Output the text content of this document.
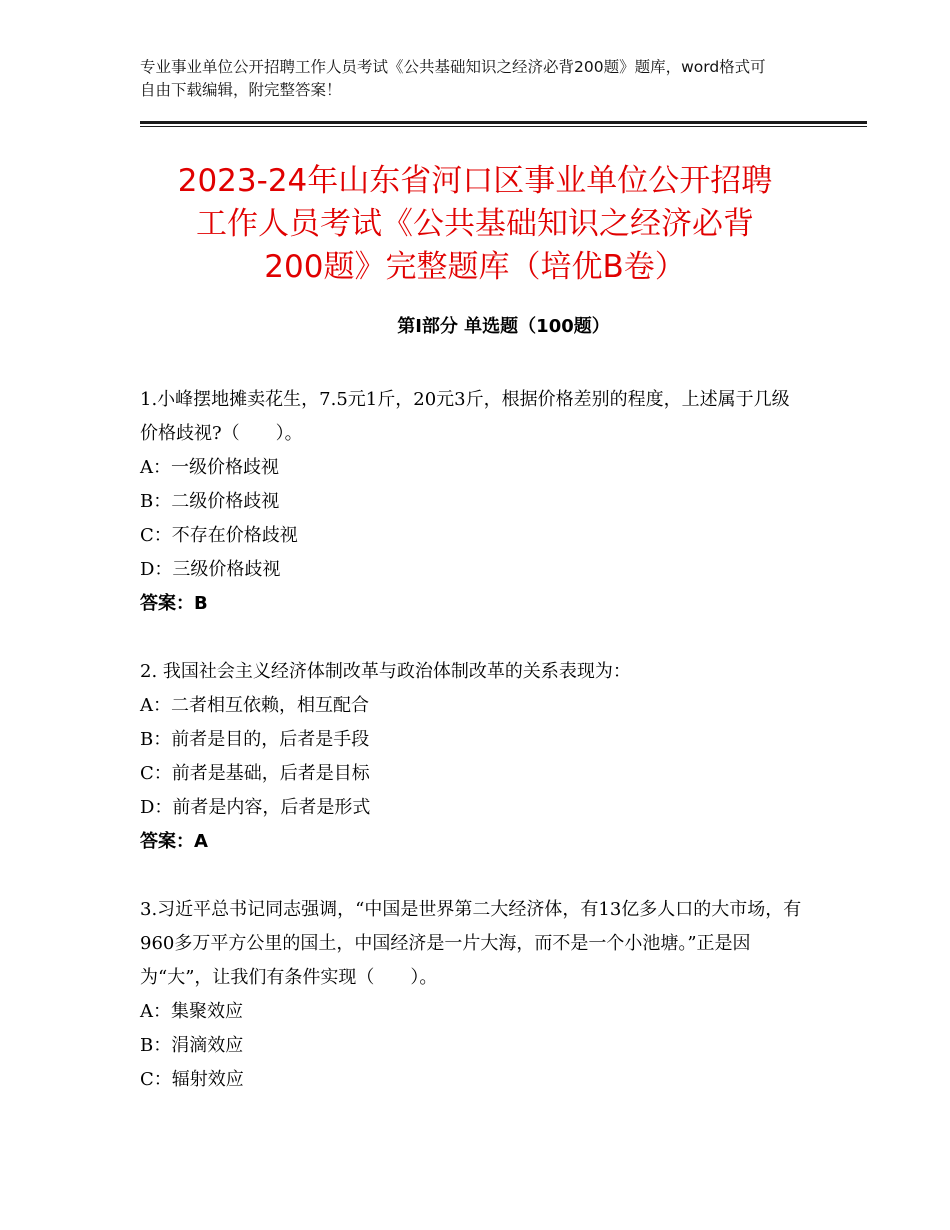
专业事业单位公开招聘工作人员考试《公共基础知识之经济必背200题》题库，word格式可自由下载编辑，附完整答案！
2023-24年山东省河口区事业单位公开招聘
工作人员考试《公共基础知识之经济必背
200题》完整题库（培优B卷）
第Ⅰ部分 单选题（100题）

1.小峰摆地摊卖花生，7.5元1斤，20元3斤，根据价格差别的程度，上述属于几级价格歧视?（　　）。

A：一级价格歧视

B：二级价格歧视

C：不存在价格歧视

D：三级价格歧视

答案：B

2. 我国社会主义经济体制改革与政治体制改革的关系表现为：

A：二者相互依赖，相互配合

B：前者是目的，后者是手段

C：前者是基础，后者是目标

D：前者是内容，后者是形式

答案：A

3.习近平总书记同志强调，“中国是世界第二大经济体，有13亿多人口的大市场，有960多万平方公里的国土，中国经济是一片大海，而不是一个小池塘。”正是因为“大”，让我们有条件实现（　　）。

A：集聚效应

B：涓滴效应

C：辐射效应
